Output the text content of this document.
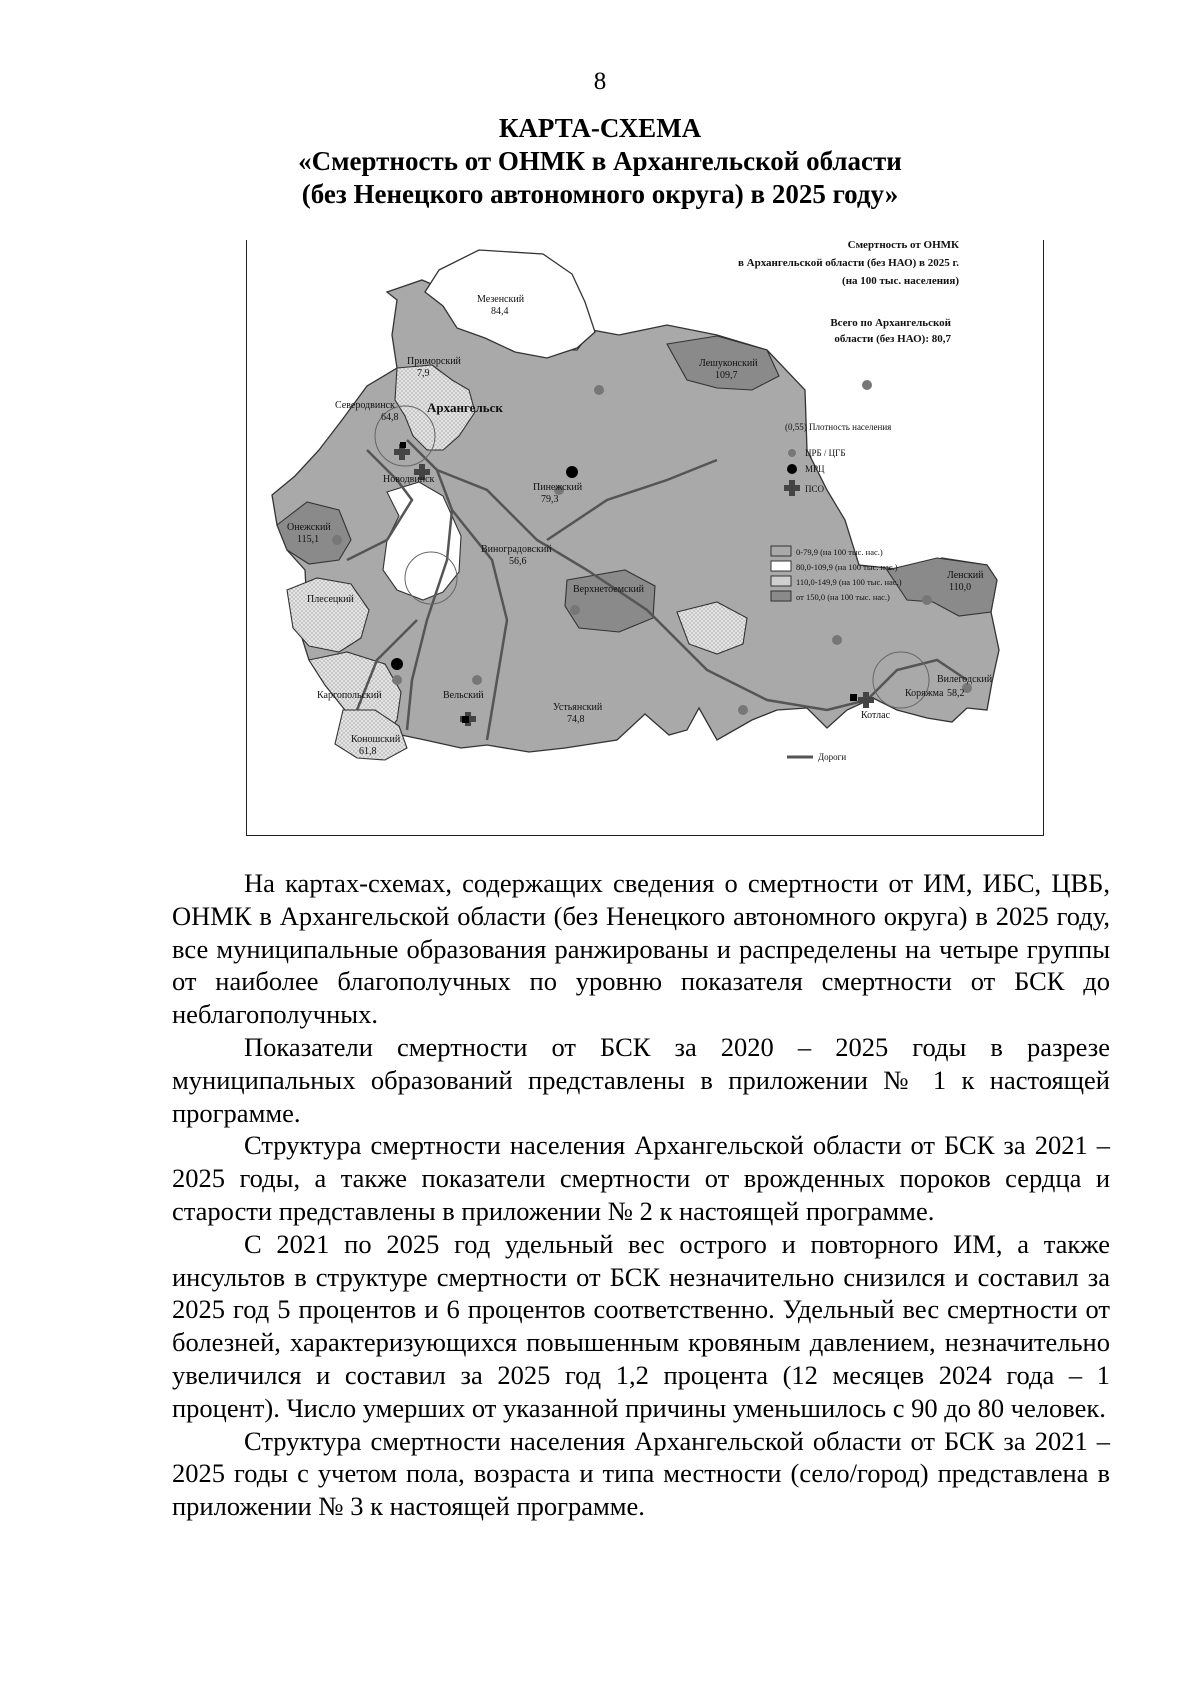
8
КАРТА-СХЕМА
«Смертность от ОНМК в Архангельской области
(без Ненецкого автономного округа) в 2025 году»
Мезенский
84,4
Приморский
7,9
Архангельск
Северодвинск
64,8
Новодвинск
Пинежский
79,3
Лешуконский
109,7
Онежский
115,1
Плесецкий
Виноградовский
56,6
Верхнетоемский
Ленский
110,0
Каргопольский
Коношский
61,8
Вельский
Устьянский
74,8
Вилегодский
58,2
Коряжма
Котлас
Смертность от ОНМК
в Архангельской области (без НАО) в 2025 г.
(на 100 тыс. населения)
Всего по Архангельской
области (без НАО): 80,7
(0,55) Плотность населения
ЦРБ / ЦГБ
МРЦ
ПСО
0-79,9 (на 100 тыс. нас.)
80,0-109,9 (на 100 тыс. нас.)
110,0-149,9 (на 100 тыс. нас.)
от 150,0 (на 100 тыс. нас.)
Дороги

На картах-схемах, содержащих сведения о смертности от ИМ, ИБС, ЦВБ, ОНМК в Архангельской области (без Ненецкого автономного округа) в 2025 году, все муниципальные образования ранжированы и распределены на четыре группы от наиболее благополучных по уровню показателя смертности от БСК до неблагополучных.

Показатели смертности от БСК за 2020 – 2025 годы в разрезе муниципальных образований представлены в приложении № 1 к настоящей программе.

Структура смертности населения Архангельской области от БСК за 2021 – 2025 годы, а также показатели смертности от врожденных пороков сердца и старости представлены в приложении № 2 к настоящей программе.

С 2021 по 2025 год удельный вес острого и повторного ИМ, а также инсультов в структуре смертности от БСК незначительно снизился и составил за 2025 год 5 процентов и 6 процентов соответственно. Удельный вес смертности от болезней, характеризующихся повышенным кровяным давлением, незначительно увеличился и составил за 2025 год 1,2 процента (12 месяцев 2024 года – 1 процент). Число умерших от указанной причины уменьшилось с 90 до 80 человек.

Структура смертности населения Архангельской области от БСК за 2021 – 2025 годы с учетом пола, возраста и типа местности (село/город) представлена в приложении № 3 к настоящей программе.
